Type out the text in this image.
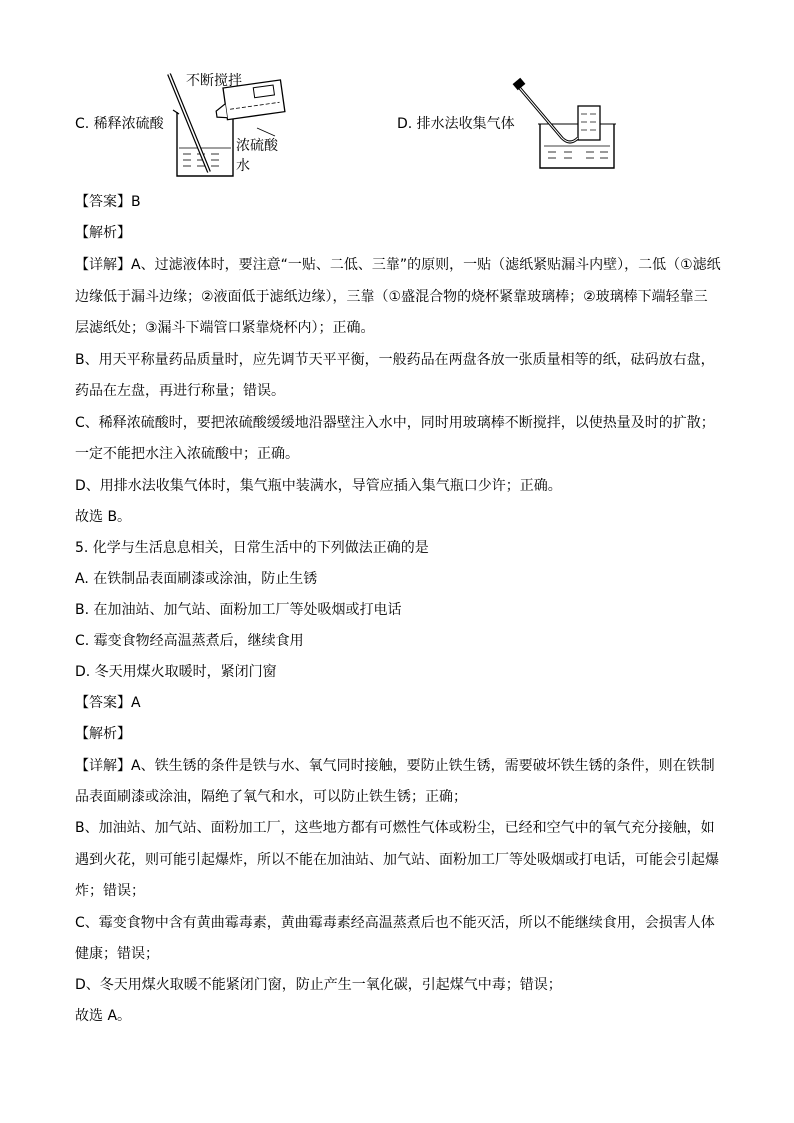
C. 稀释浓硫酸
不断搅拌
浓硫酸
水
D. 排水法收集气体
【答案】B
【解析】
【详解】A、过滤液体时，要注意“一贴、二低、三靠”的原则，一贴（滤纸紧贴漏斗内壁），二低（①滤纸
边缘低于漏斗边缘；②液面低于滤纸边缘），三靠（①盛混合物的烧杯紧靠玻璃棒；②玻璃棒下端轻靠三
层滤纸处；③漏斗下端管口紧靠烧杯内）；正确。
B、用天平称量药品质量时，应先调节天平平衡，一般药品在两盘各放一张质量相等的纸，砝码放右盘，
药品在左盘，再进行称量；错误。
C、稀释浓硫酸时，要把浓硫酸缓缓地沿器壁注入水中，同时用玻璃棒不断搅拌，以使热量及时的扩散；
一定不能把水注入浓硫酸中；正确。
D、用排水法收集气体时，集气瓶中装满水，导管应插入集气瓶口少许；正确。
故选 B。
5. 化学与生活息息相关，日常生活中的下列做法正确的是
A. 在铁制品表面刷漆或涂油，防止生锈
B. 在加油站、加气站、面粉加工厂等处吸烟或打电话
C. 霉变食物经高温蒸煮后，继续食用
D. 冬天用煤火取暖时，紧闭门窗
【答案】A
【解析】
【详解】A、铁生锈的条件是铁与水、氧气同时接触，要防止铁生锈，需要破坏铁生锈的条件，则在铁制
品表面刷漆或涂油，隔绝了氧气和水，可以防止铁生锈；正确；
B、加油站、加气站、面粉加工厂，这些地方都有可燃性气体或粉尘，已经和空气中的氧气充分接触，如
遇到火花，则可能引起爆炸，所以不能在加油站、加气站、面粉加工厂等处吸烟或打电话，可能会引起爆
炸；错误；
C、霉变食物中含有黄曲霉毒素，黄曲霉毒素经高温蒸煮后也不能灭活，所以不能继续食用，会损害人体
健康；错误；
D、冬天用煤火取暖不能紧闭门窗，防止产生一氧化碳，引起煤气中毒；错误；
故选 A。
